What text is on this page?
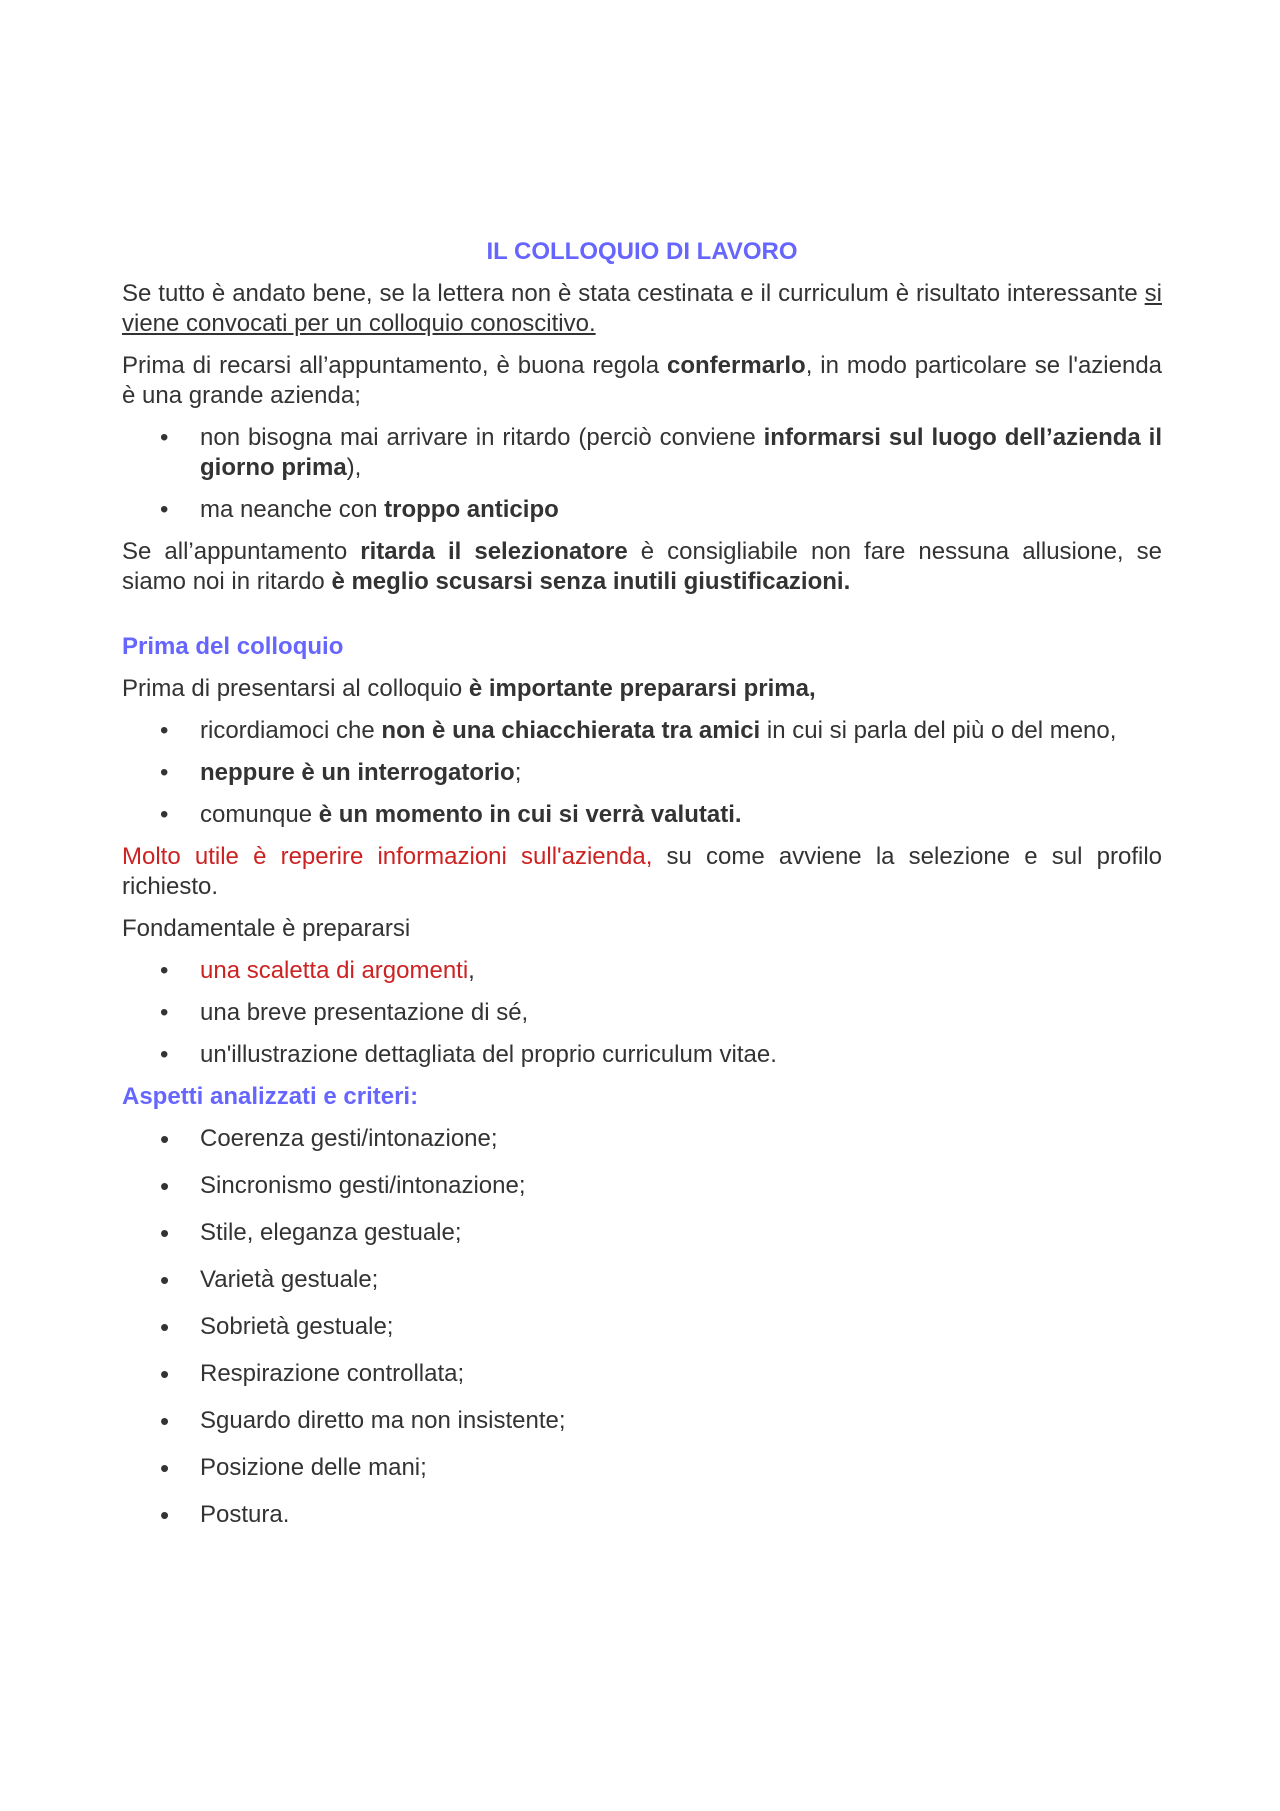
IL COLLOQUIO DI LAVORO

Se tutto è andato bene, se la lettera non è stata cestinata e il curriculum è risultato interessante si viene convocati per un colloquio conoscitivo.

Prima di recarsi all’appuntamento, è buona regola confermarlo, in modo particolare se l'azienda è una grande azienda;

• non bisogna mai arrivare in ritardo (perciò conviene informarsi sul luogo dell’azienda il giorno prima),
• ma neanche con troppo anticipo

Se all’appuntamento ritarda il selezionatore è consigliabile non fare nessuna allusione, se siamo noi in ritardo è meglio scusarsi senza inutili giustificazioni.

Prima del colloquio

Prima di presentarsi al colloquio è importante prepararsi prima,

• ricordiamoci che non è una chiacchierata tra amici in cui si parla del più o del meno,
• neppure è un interrogatorio;
• comunque è un momento in cui si verrà valutati.

Molto utile è reperire informazioni sull'azienda, su come avviene la selezione e sul profilo richiesto.

Fondamentale è prepararsi

• una scaletta di argomenti,
• una breve presentazione di sé,
• un'illustrazione dettagliata del proprio curriculum vitae.
Aspetti analizzati e criteri:
• Coerenza gesti/intonazione;
• Sincronismo gesti/intonazione;
• Stile, eleganza gestuale;
• Varietà gestuale;
• Sobrietà gestuale;
• Respirazione controllata;
• Sguardo diretto ma non insistente;
• Posizione delle mani;
• Postura.
